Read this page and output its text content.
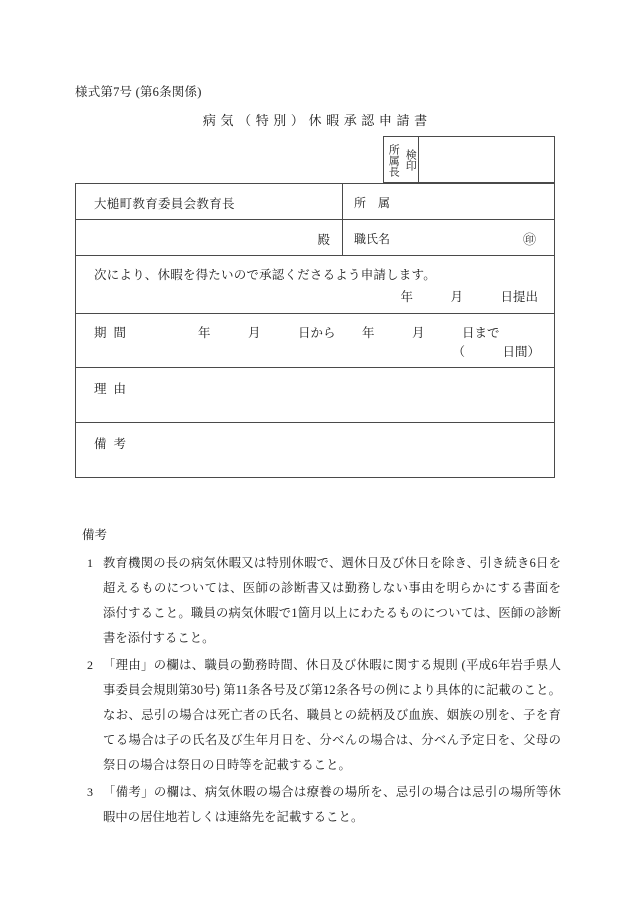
様式第7号 (第6条関係)
病気（特別）休暇承認申請書
所属長 検印
大槌町教育委員会教育長	所　属
殿 職氏名	㊞
次により、休暇を得たいので承認くださるよう申請します。
年　　　月　　　日提出
期間	年　　　月　　　日から 年　　　月　　　日まで
（　　　日間）
理由
備考
備考
1 教育機関の長の病気休暇又は特別休暇で、週休日及び休日を除き、引き続き6日を超えるものについては、医師の診断書又は勤務しない事由を明らかにする書面を添付すること。職員の病気休暇で1箇月以上にわたるものについては、医師の診断書を添付すること。
2 「理由」の欄は、職員の勤務時間、休日及び休暇に関する規則 (平成6年岩手県人事委員会規則第30号) 第11条各号及び第12条各号の例により具体的に記載のこと。なお、忌引の場合は死亡者の氏名、職員との続柄及び血族、姻族の別を、子を育てる場合は子の氏名及び生年月日を、分べんの場合は、分べん予定日を、父母の祭日の場合は祭日の日時等を記載すること。
3 「備考」の欄は、病気休暇の場合は療養の場所を、忌引の場合は忌引の場所等休暇中の居住地若しくは連絡先を記載すること。
